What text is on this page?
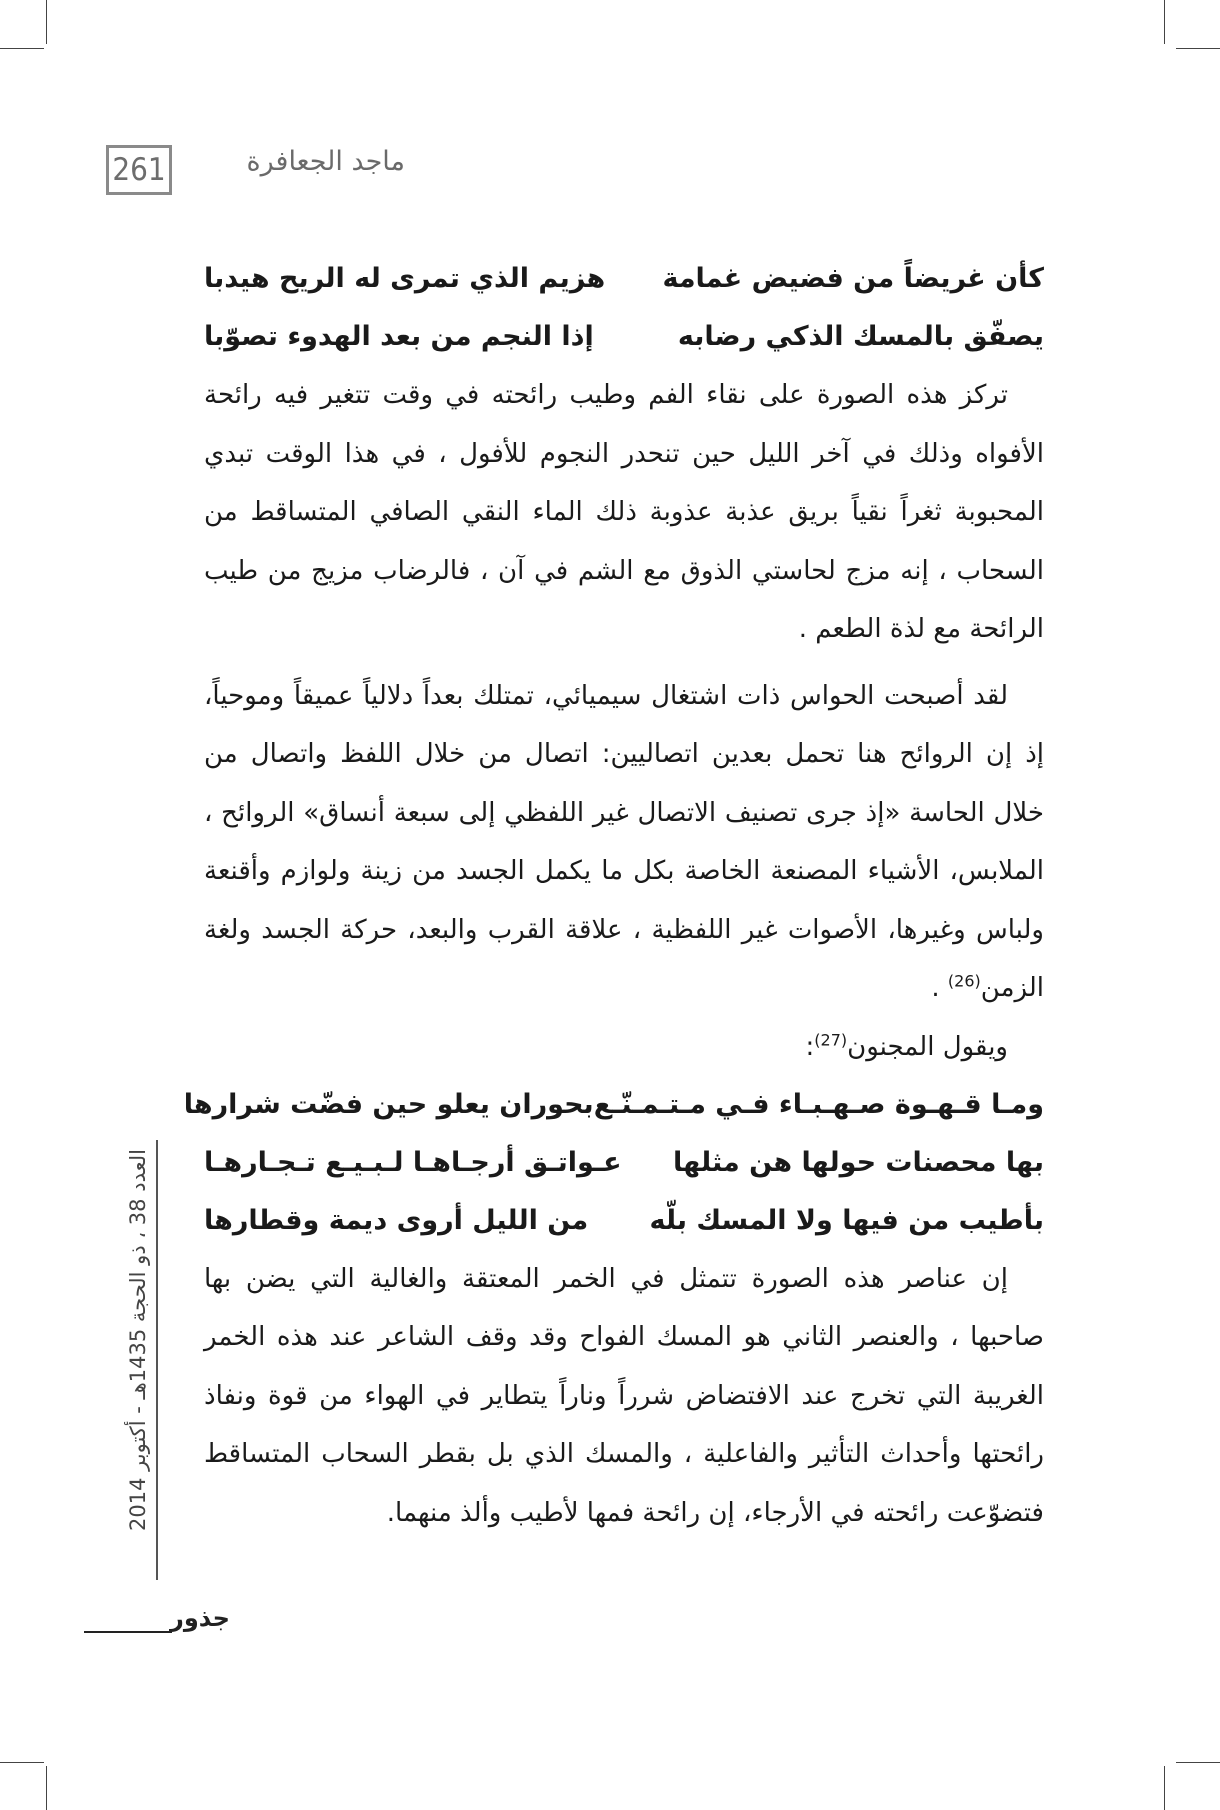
261	ماجد الجعافرة
كأن غريضاً من فضيض غمامة
هزيم الذي تمرى له الريح هيدبا
يصفّق بالمسك الذكي رضابه
إذا النجم من بعد الهدوء تصوّبا

تركز هذه الصورة على نقاء الفم وطيب رائحته في وقت تتغير فيه رائحة الأفواه وذلك في آخر الليل حين تنحدر النجوم للأفول ، في هذا الوقت تبدي المحبوبة ثغراً نقياً بريق عذبة عذوبة ذلك الماء النقي الصافي المتساقط من السحاب ، إنه مزج لحاستي الذوق مع الشم في آن ، فالرضاب مزيج من طيب الرائحة مع لذة الطعم .

لقد أصبحت الحواس ذات اشتغال سيميائي، تمتلك بعداً دلالياً عميقاً وموحياً، إذ إن الروائح هنا تحمل بعدين اتصاليين: اتصال من خلال اللفظ واتصال من خلال الحاسة «إذ جرى تصنيف الاتصال غير اللفظي إلى سبعة أنساق» الروائح ، الملابس، الأشياء المصنعة الخاصة بكل ما يكمل الجسد من زينة ولوازم وأقنعة ولباس وغيرها، الأصوات غير اللفظية ، علاقة القرب والبعد، حركة الجسد ولغة الزمن$^{(26)}$ .

ويقول المجنون$^{(27)}$:
ومـا قـهـوة صـهـبـاء فـي مـتـمـنّـع
بحوران يعلو حين فضّت شرارها
بها محصنات حولها هن مثلها
عـواتـق أرجـاهـا لـبـيـع تـجـارهـا
بأطيب من فيها ولا المسك بلّه
من الليل أروى ديمة وقطارها

إن عناصر هذه الصورة تتمثل في الخمر المعتقة والغالية التي يضن بها صاحبها ، والعنصر الثاني هو المسك الفواح وقد وقف الشاعر عند هذه الخمر الغريبة التي تخرج عند الافتضاض شرراً وناراً يتطاير في الهواء من قوة ونفاذ رائحتها وأحداث التأثير والفاعلية ، والمسك الذي بل بقطر السحاب المتساقط فتضوّعت رائحته في الأرجاء، إن رائحة فمها لأطيب وألذ منهما.

العدد 38 ، ذو الحجة 1435هـ - أكتوبر 2014
جذور
